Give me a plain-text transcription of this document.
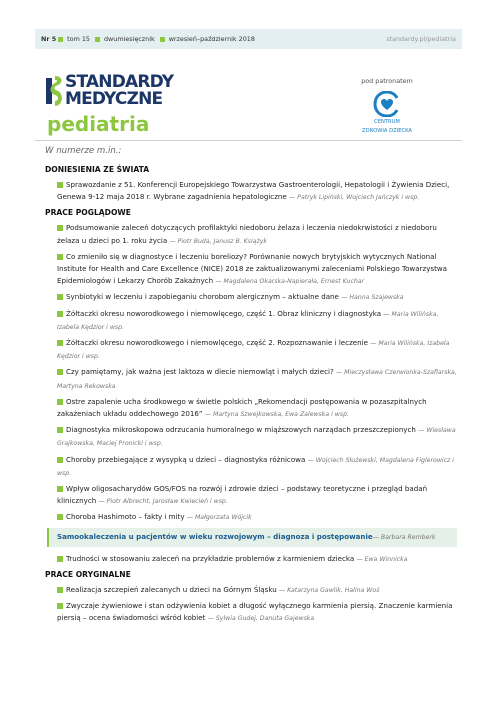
Nr 5 tom 15 dwumiesięcznik wrzesień–październik 2018	standardy.pl/pediatria
STANDARDY
MEDYCZNE
pediatria
pod patronatem
CENTRUM
ZDROWIA DZIECKA
W numerze m.in.:
DONIESIENIA ZE ŚWIATA
Sprawozdanie z 51. Konferencji Europejskiego Towarzystwa Gastroenterologii, Hepatologii i Żywienia Dzieci, Genewa 9-12 maja 2018 r. Wybrane zagadnienia hepatologiczne — Patryk Lipiński, Wojciech Jańczyk i wsp.
PRACE POGLĄDOWE
Podsumowanie zaleceń dotyczących profilaktyki niedoboru żelaza i leczenia niedokrwistości z niedoboru żelaza u dzieci po 1. roku życia — Piotr Buda, Janusz B. Książyk
Co zmieniło się w diagnostyce i leczeniu boreliozy? Porównanie nowych brytyjskich wytycznych National Institute for Health and Care Excellence (NICE) 2018 ze zaktualizowanymi zaleceniami Polskiego Towarzystwa Epidemiologów i Lekarzy Chorób Zakaźnych — Magdalena Okarska-Napierała, Ernest Kuchar
Synbiotyki w leczeniu i zapobieganiu chorobom alergicznym – aktualne dane — Hanna Szajewska
Żółtaczki okresu noworodkowego i niemowlęcego, część 1. Obraz kliniczny i diagnostyka — Maria Wilińska, Izabela Kędzior i wsp.
Żółtaczki okresu noworodkowego i niemowlęcego, część 2. Rozpoznawanie i leczenie — Maria Wilińska, Izabela Kędzior i wsp.
Czy pamiętamy, jak ważna jest laktoza w diecie niemowląt i małych dzieci? — Mieczysława Czerwionka-Szaflarska, Martyna Rekowska
Ostre zapalenie ucha środkowego w świetle polskich „Rekomendacji postępowania w pozaszpitalnych zakażeniach układu oddechowego 2016” — Martyna Szwejkowska, Ewa Zalewska i wsp.
Diagnostyka mikroskopowa odrzucania humoralnego w miąższowych narządach przeszczepionych — Wiesława Grajkowska, Maciej Pronicki i wsp.
Choroby przebiegające z wysypką u dzieci – diagnostyka różnicowa — Wojciech Służewski, Magdalena Figlerowicz i wsp.
Wpływ oligosacharydów GOS/FOS na rozwój i zdrowie dzieci – podstawy teoretyczne i przegląd badań klinicznych — Piotr Albrecht, Jarosław Kwiecień i wsp.
Choroba Hashimoto – fakty i mity — Małgorzata Wójcik
Samookaleczenia u pacjentów w wieku rozwojowym – diagnoza i postępowanie— Barbara Remberk
Trudności w stosowaniu zaleceń na przykładzie problemów z karmieniem dziecka — Ewa Winnicka
PRACE ORYGINALNE
Realizacja szczepień zalecanych u dzieci na Górnym Śląsku — Katarzyna Gawlik, Halina Woś
Zwyczaje żywieniowe i stan odżywienia kobiet a długość wyłącznego karmienia piersią. Znaczenie karmienia piersią – ocena świadomości wśród kobiet — Sylwia Gudej, Danuta Gajewska
